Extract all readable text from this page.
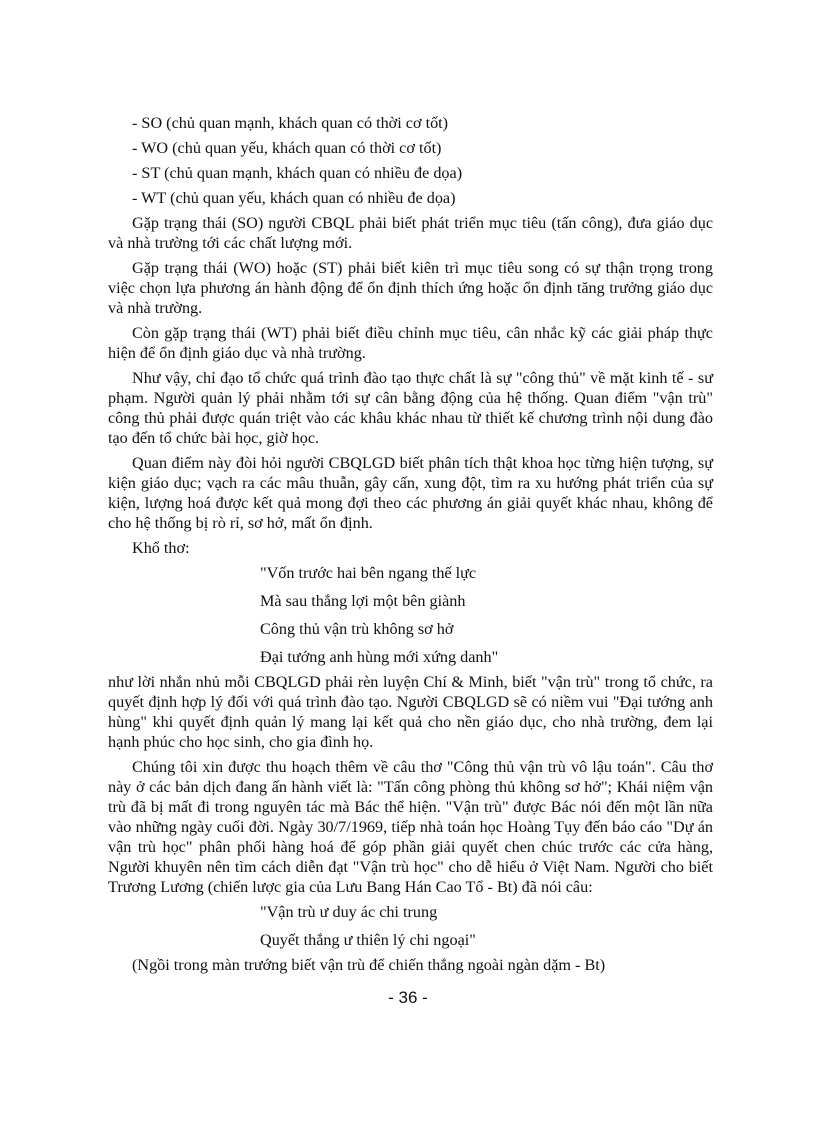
- SO (chủ quan mạnh, khách quan có thời cơ tốt)
- WO (chủ quan yếu, khách quan có thời cơ tốt)
- ST (chủ quan mạnh, khách quan có nhiều đe dọa)
- WT (chủ quan yếu, khách quan có nhiều đe dọa)

Gặp trạng thái (SO) người CBQL phải biết phát triển mục tiêu (tấn công), đưa giáo dục và nhà trường tới các chất lượng mới.

Gặp trạng thái (WO) hoặc (ST) phải biết kiên trì mục tiêu song có sự thận trọng trong việc chọn lựa phương án hành động để ổn định thích ứng hoặc ổn định tăng trưởng giáo dục và nhà trường.

Còn gặp trạng thái (WT) phải biết điều chỉnh mục tiêu, cân nhắc kỹ các giải pháp thực hiện để ổn định giáo dục và nhà trường.

Như vậy, chỉ đạo tổ chức quá trình đào tạo thực chất là sự "công thủ" về mặt kinh tế - sư phạm. Người quản lý phải nhằm tới sự cân bằng động của hệ thống. Quan điểm "vận trù" công thủ phải được quán triệt vào các khâu khác nhau từ thiết kế chương trình nội dung đào tạo đến tổ chức bài học, giờ học.

Quan điểm này đòi hỏi người CBQLGD biết phân tích thật khoa học từng hiện tượng, sự kiện giáo dục; vạch ra các mâu thuẫn, gây cấn, xung đột, tìm ra xu hướng phát triển của sự kiện, lượng hoá được kết quả mong đợi theo các phương án giải quyết khác nhau, không để cho hệ thống bị rò rỉ, sơ hở, mất ổn định.

Khổ thơ:
"Vốn trước hai bên ngang thế lực
Mà sau thắng lợi một bên giành
Công thủ vận trù không sơ hở
Đại tướng anh hùng mới xứng danh"

như lời nhắn nhủ mỗi CBQLGD phải rèn luyện Chí & Minh, biết "vận trù" trong tổ chức, ra quyết định hợp lý đối với quá trình đào tạo. Người CBQLGD sẽ có niềm vui "Đại tướng anh hùng" khi quyết định quản lý mang lại kết quả cho nền giáo dục, cho nhà trường, đem lại hạnh phúc cho học sinh, cho gia đình họ.

Chúng tôi xin được thu hoạch thêm về câu thơ "Công thủ vận trù vô lậu toán". Câu thơ này ở các bản dịch đang ấn hành viết là: "Tấn công phòng thủ không sơ hở"; Khái niệm vận trù đã bị mất đi trong nguyên tác mà Bác thể hiện. "Vận trù" được Bác nói đến một lần nữa vào những ngày cuối đời. Ngày 30/7/1969, tiếp nhà toán học Hoàng Tụy đến báo cáo "Dự án vận trù học" phân phối hàng hoá để góp phần giải quyết chen chúc trước các cửa hàng, Người khuyên nên tìm cách diễn đạt "Vận trù học" cho dễ hiểu ở Việt Nam. Người cho biết Trương Lương (chiến lược gia của Lưu Bang Hán Cao Tổ - Bt) đã nói câu:

"Vận trù ư duy ác chi trung
Quyết thắng ư thiên lý chi ngoại"
(Ngồi trong màn trướng biết vận trù để chiến thắng ngoài ngàn dặm - Bt)
- 36 -
